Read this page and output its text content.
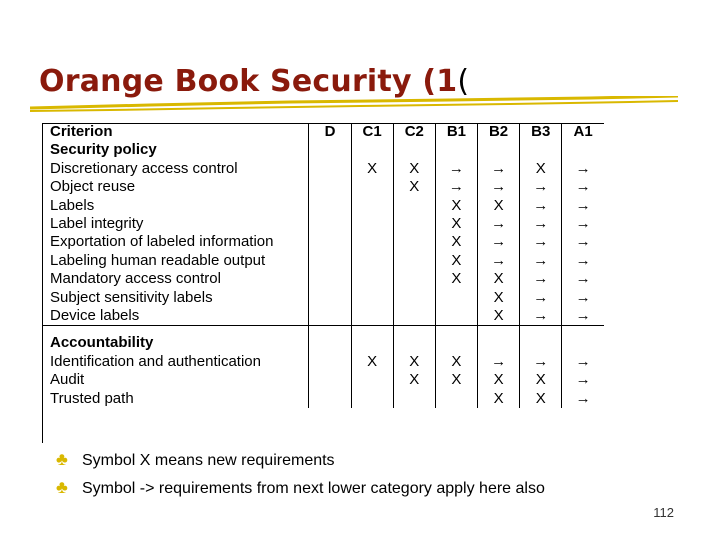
Orange Book Security (1(
Criterion	D	C1	C2	B1	B2	B3	A1
Security policy							
Discretionary access control		X	X	→	→	X	→
Object reuse			X	→	→	→	→
Labels				X	X	→	→
Label integrity				X	→	→	→
Exportation of labeled information				X	→	→	→
Labeling human readable output				X	→	→	→
Mandatory access control				X	X	→	→
Subject sensitivity labels					X	→	→
Device labels					X	→	→

Accountability							
Identification and authentication		X	X	X	→	→	→
Audit			X	X	X	X	→
Trusted path					X	X	→
♣ Symbol X means new requirements
♣ Symbol -> requirements from next lower category apply here also
112
